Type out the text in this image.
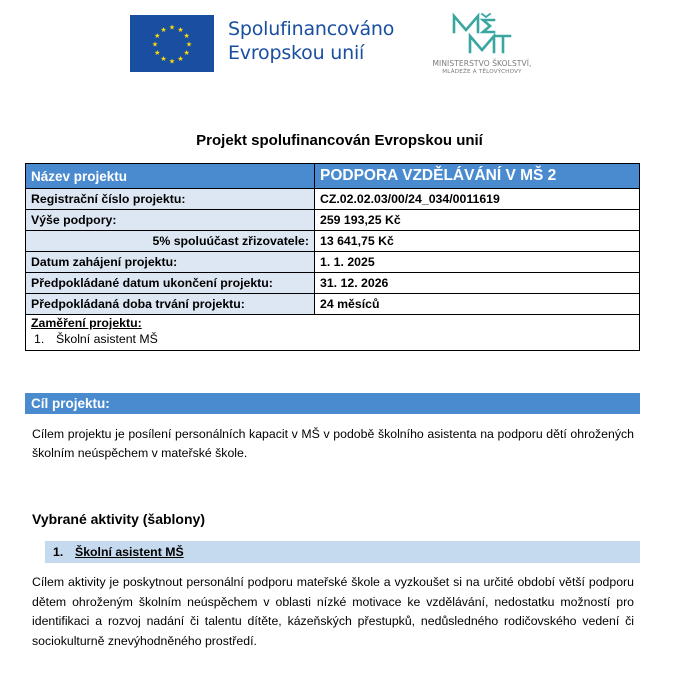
★ ★
★
★
★
★
★
★
★
★
★
★	Spolufinancováno
Evropskou unií	MINISTERSTVO ŠKOLSTVÍ,
MLÁDEŽE A TĚLOVÝCHOVY
Projekt spolufinancován Evropskou unií
Název projektu	PODPORA VZDĚLÁVÁNÍ V MŠ 2
Registrační číslo projektu:	CZ.02.02.03/00/24_034/0011619
Výše podpory:	259 193,25 Kč
5% spoluúčast zřizovatele:	13 641,75 Kč
Datum zahájení projektu:	1. 1. 2025
Předpokládané datum ukončení projektu:	31. 12. 2026
Předpokládaná doba trvání projektu:	24 měsíců

Zaměření projektu:
1. Školní asistent MŠ	
Cíl projektu:
Cílem projektu je posílení personálních kapacit v MŠ v podobě školního asistenta na podporu dětí ohrožených školním neúspěchem v mateřské škole.
Vybrané aktivity (šablony)
1. Školní asistent MŠ
Cílem aktivity je poskytnout personální podporu mateřské škole a vyzkoušet si na určité období větší podporu dětem ohroženým školním neúspěchem v oblasti nízké motivace ke vzdělávání, nedostatku možností pro identifikaci a rozvoj nadání či talentu dítěte, kázeňských přestupků, nedůsledného rodičovského vedení či sociokulturně znevýhodněného prostředí.
